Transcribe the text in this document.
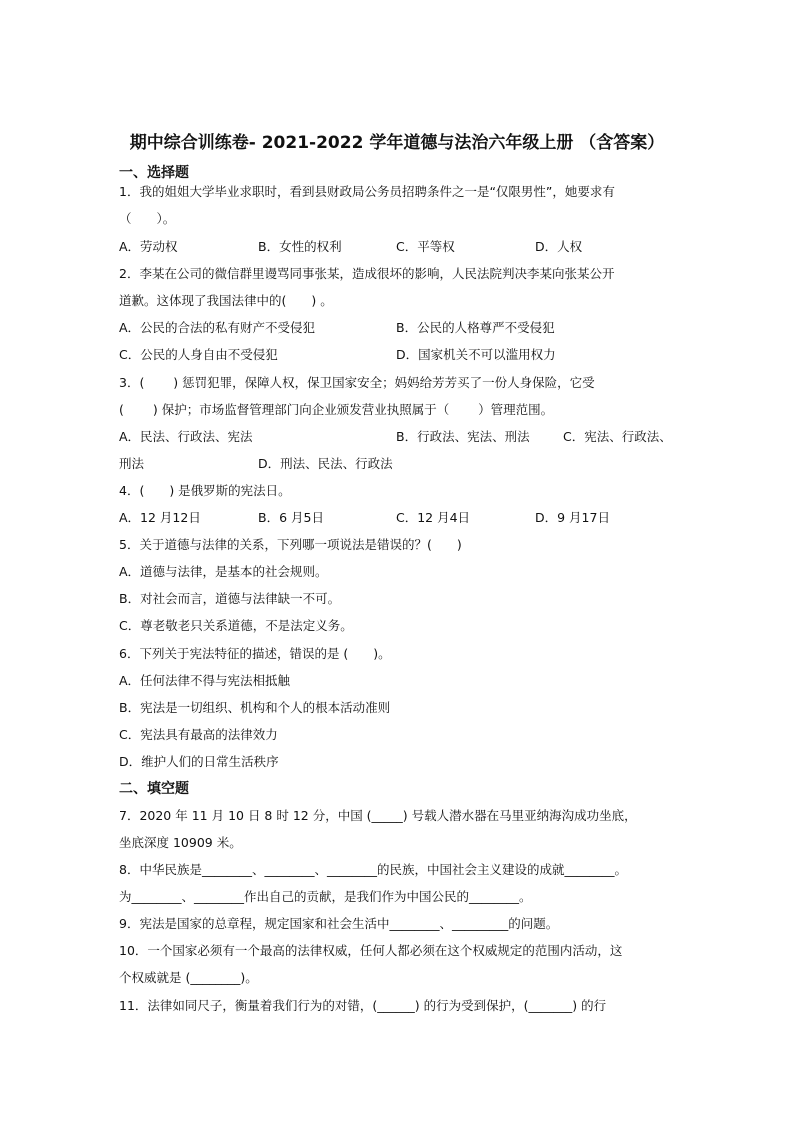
期中综合训练卷- 2021-2022 学年道德与法治六年级上册 （含答案）
一、选择题
1．我的姐姐大学毕业求职时，看到县财政局公务员招聘条件之一是“仅限男性”，她要求有
（　　）。
A．劳动权	B．女性的权利	C．平等权	D．人权
2．李某在公司的微信群里谩骂同事张某，造成很坏的影响，人民法院判决李某向张某公开
道歉。这体现了我国法律中的(　　) 。
A．公民的合法的私有财产不受侵犯	B．公民的人格尊严不受侵犯
C．公民的人身自由不受侵犯	D．国家机关不可以滥用权力
3．(　　 ) 惩罚犯罪，保障人权，保卫国家安全；妈妈给芳芳买了一份人身保险，它受
(　　 ) 保护；市场监督管理部门向企业颁发营业执照属于（　　 ）管理范围。
A．民法、行政法、宪法	B．行政法、宪法、刑法	C．宪法、行政法、
刑法	D．刑法、民法、行政法
4．(　　) 是俄罗斯的宪法日。
A．12 月12日	B．6 月5日	C．12 月4日	D．9 月17日
5．关于道德与法律的关系，下列哪一项说法是错误的？(　　)
A．道德与法律，是基本的社会规则。
B．对社会而言，道德与法律缺一不可。
C．尊老敬老只关系道德，不是法定义务。
6．下列关于宪法特征的描述，错误的是 (　　)。
A．任何法律不得与宪法相抵触
B．宪法是一切组织、机构和个人的根本活动准则
C．宪法具有最高的法律效力
D．维护人们的日常生活秩序
二、填空题
7．2020 年 11 月 10 日 8 时 12 分，中国 (_____) 号载人潜水器在马里亚纳海沟成功坐底，
坐底深度 10909 米。
8．中华民族是________、________、________的民族，中国社会主义建设的成就________。
为________、________作出自己的贡献，是我们作为中国公民的________。
9．宪法是国家的总章程，规定国家和社会生活中________、_________的问题。
10．一个国家必须有一个最高的法律权威，任何人都必须在这个权威规定的范围内活动，这
个权威就是 (________)。
11．法律如同尺子，衡量着我们行为的对错，(______) 的行为受到保护，(_______) 的行
